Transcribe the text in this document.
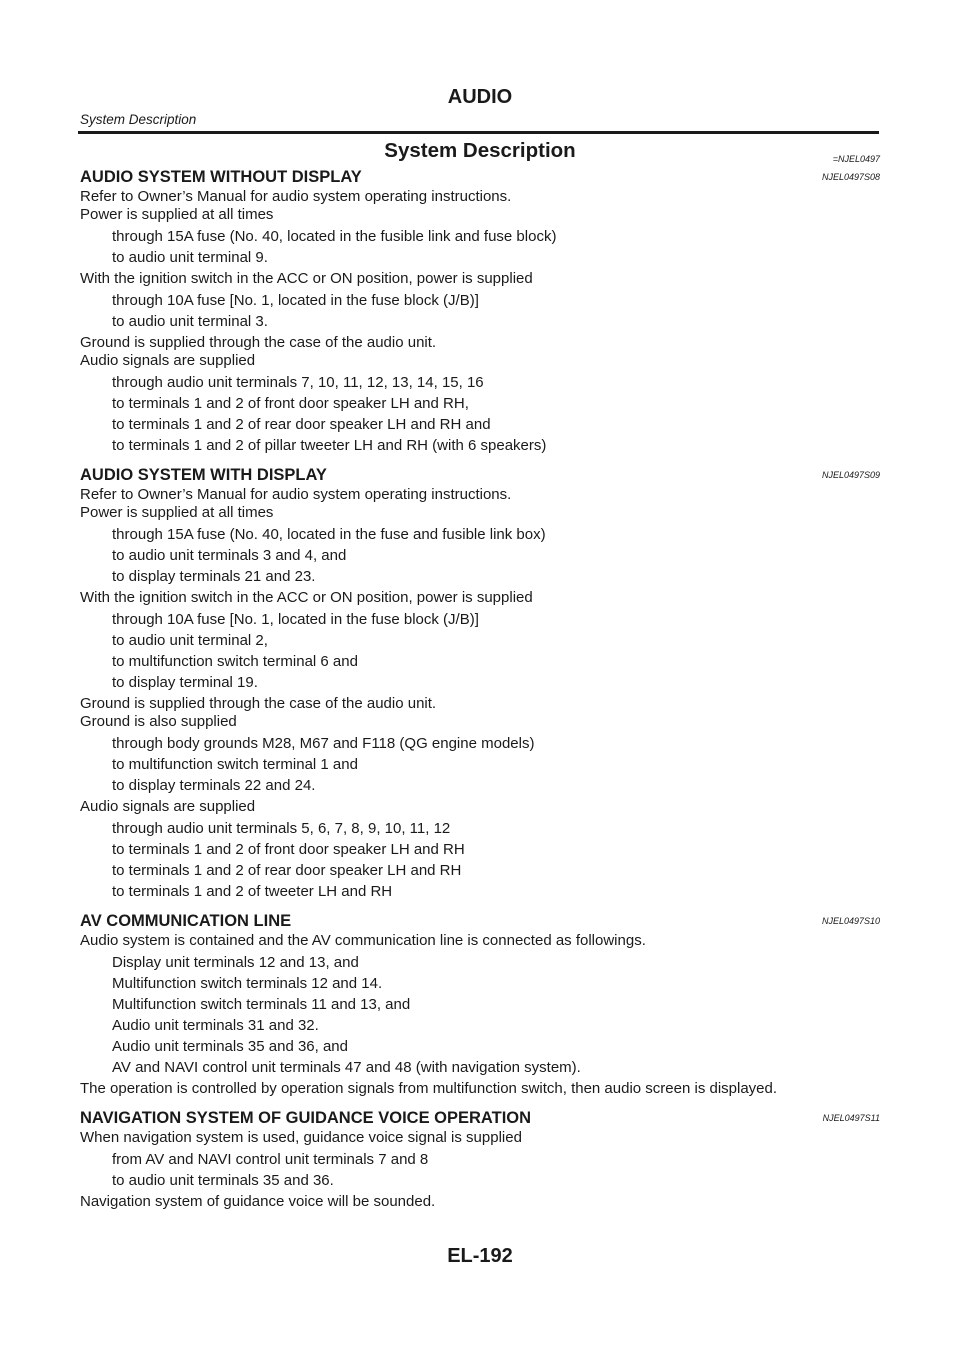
AUDIO

System Description

System Description	=NJEL0497
AUDIO SYSTEM WITHOUT DISPLAY	NJEL0497S08

Refer to Owner’s Manual for audio system operating instructions.

Power is supplied at all times

through 15A fuse (No. 40, located in the fusible link and fuse block)

to audio unit terminal 9.

With the ignition switch in the ACC or ON position, power is supplied

through 10A fuse [No. 1, located in the fuse block (J/B)]

to audio unit terminal 3.

Ground is supplied through the case of the audio unit.

Audio signals are supplied

through audio unit terminals 7, 10, 11, 12, 13, 14, 15, 16

to terminals 1 and 2 of front door speaker LH and RH,

to terminals 1 and 2 of rear door speaker LH and RH and

to terminals 1 and 2 of pillar tweeter LH and RH (with 6 speakers)

AUDIO SYSTEM WITH DISPLAY	NJEL0497S09

Refer to Owner’s Manual for audio system operating instructions.

Power is supplied at all times

through 15A fuse (No. 40, located in the fuse and fusible link box)

to audio unit terminals 3 and 4, and

to display terminals 21 and 23.

With the ignition switch in the ACC or ON position, power is supplied

through 10A fuse [No. 1, located in the fuse block (J/B)]

to audio unit terminal 2,

to multifunction switch terminal 6 and

to display terminal 19.

Ground is supplied through the case of the audio unit.

Ground is also supplied

through body grounds M28, M67 and F118 (QG engine models)

to multifunction switch terminal 1 and

to display terminals 22 and 24.

Audio signals are supplied

through audio unit terminals 5, 6, 7, 8, 9, 10, 11, 12

to terminals 1 and 2 of front door speaker LH and RH

to terminals 1 and 2 of rear door speaker LH and RH

to terminals 1 and 2 of tweeter LH and RH

AV COMMUNICATION LINE	NJEL0497S10

Audio system is contained and the AV communication line is connected as followings.

Display unit terminals 12 and 13, and

Multifunction switch terminals 12 and 14.

Multifunction switch terminals 11 and 13, and

Audio unit terminals 31 and 32.

Audio unit terminals 35 and 36, and

AV and NAVI control unit terminals 47 and 48 (with navigation system).

The operation is controlled by operation signals from multifunction switch, then audio screen is displayed.

NAVIGATION SYSTEM OF GUIDANCE VOICE OPERATION	NJEL0497S11

When navigation system is used, guidance voice signal is supplied

from AV and NAVI control unit terminals 7 and 8

to audio unit terminals 35 and 36.

Navigation system of guidance voice will be sounded.

EL-192
